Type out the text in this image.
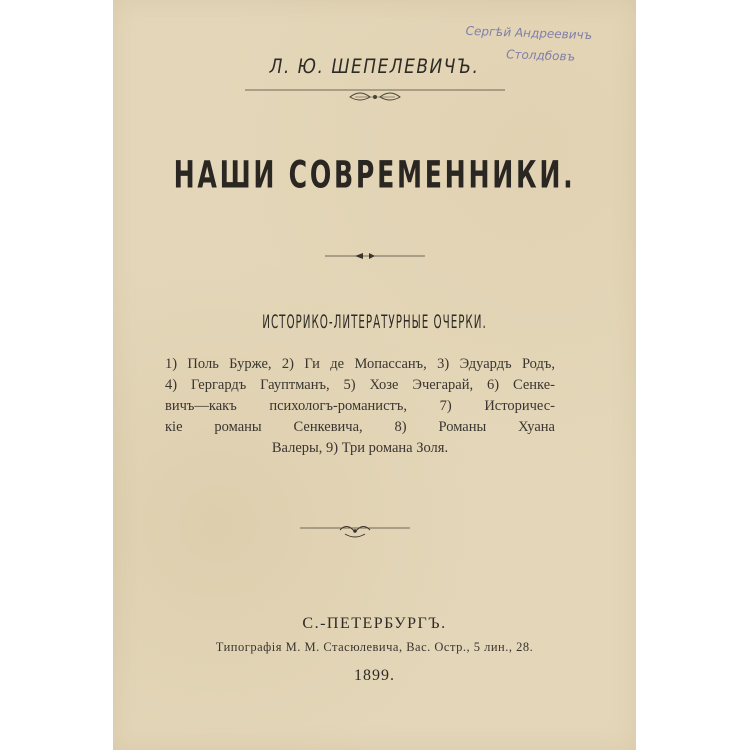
Сергѣй Андреевичъ
Столдбовъ
Л. Ю. ШЕПЕЛЕВИЧЪ.
НАШИ СОВРЕМЕННИКИ.
ИСТОРИКО-ЛИТЕРАТУРНЫЕ ОЧЕРКИ.
1) Поль Бурже, 2) Ги де Мопассанъ, 3) Эдуардъ Родъ,
4) Гергардъ Гауптманъ, 5) Хозе Эчегарай, 6) Сенке-
вичъ—какъ психологъ-романистъ, 7) Историчес-
кіе романы Сенкевича, 8) Романы Хуана
Валеры, 9) Три романа Золя.
С.-ПЕТЕРБУРГЪ.
Типографія М. М. Стасюлевича, Вас. Остр., 5 лин., 28.
1899.
